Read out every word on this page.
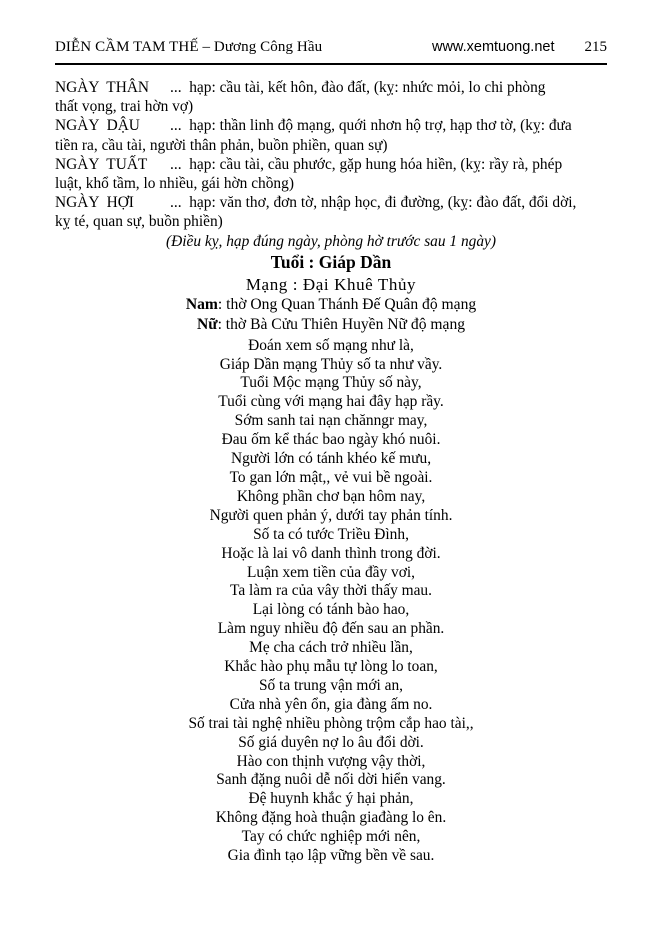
DIỄN CẦM TAM THẾ – Dương Công Hầu	www.xemtuong.net 215
NGÀY  THÂN ...  hạp: cầu tài, kết hôn, đào đất, (kỵ: nhức mỏi, lo chi phòng
thất vọng, trai hờn vợ)
NGÀY  DẬU ...  hạp: thần linh độ mạng, quới nhơn hộ trợ, hạp thơ tờ, (kỵ: đưa
tiền ra, cầu tài, người thân phản, buồn phiền, quan sự)
NGÀY  TUẤT ...  hạp: cầu tài, cầu phước, gặp hung hóa hiền, (kỵ: rầy rà, phép
luật, khổ tầm, lo nhiều, gái hờn chồng)
NGÀY  HỢI ...  hạp: văn thơ, đơn tờ, nhập học, đi đường, (kỵ: đào đất, đổi dời,
kỵ té, quan sự, buồn phiền)
(Điều kỵ, hạp đúng ngày, phòng hờ trước sau 1 ngày)
Tuổi : Giáp Dần
Mạng : Đại Khuê Thủy
Nam: thờ Ong Quan Thánh Đế Quân độ mạng
Nữ: thờ Bà Cửu Thiên Huyền Nữ độ mạng
Đoán xem số mạng như là,
Giáp Dần mạng Thủy số ta như vầy.
Tuổi Mộc mạng Thủy số này,
Tuổi cùng với mạng hai đây hạp rầy.
Sớm sanh tai nạn chănngr may,
Đau ốm kể thác bao ngày khó nuôi.
Người lớn có tánh khéo kế mưu,
To gan lớn mật,, vẻ vui bề ngoài.
Không phần chơ bạn hôm nay,
Người quen phản ý, dưới tay phản tính.
Số ta có tước Triều Đình,
Hoặc là lai vô danh thình trong đời.
Luận xem tiền của đầy vơi,
Ta làm ra của vây thời thấy mau.
Lại lòng có tánh bào hao,
Làm nguy nhiều độ đến sau an phần.
Mẹ cha cách trở nhiều lần,
Khắc hào phụ mẫu tự lòng lo toan,
Số ta trung vận mới an,
Cửa nhà yên ổn, gia đàng ấm no.
Số trai tài nghệ nhiều phòng trộm cắp hao tài,,
Số giá duyên nợ lo âu đổi dời.
Hào con thịnh vượng vậy thời,
Sanh đặng nuôi dễ nối dời hiển vang.
Đệ huynh khắc ý hại phản,
Không đặng hoà thuận giađàng lo ên.
Tay có chức nghiệp mới nên,
Gia đình tạo lập vững bền về sau.
